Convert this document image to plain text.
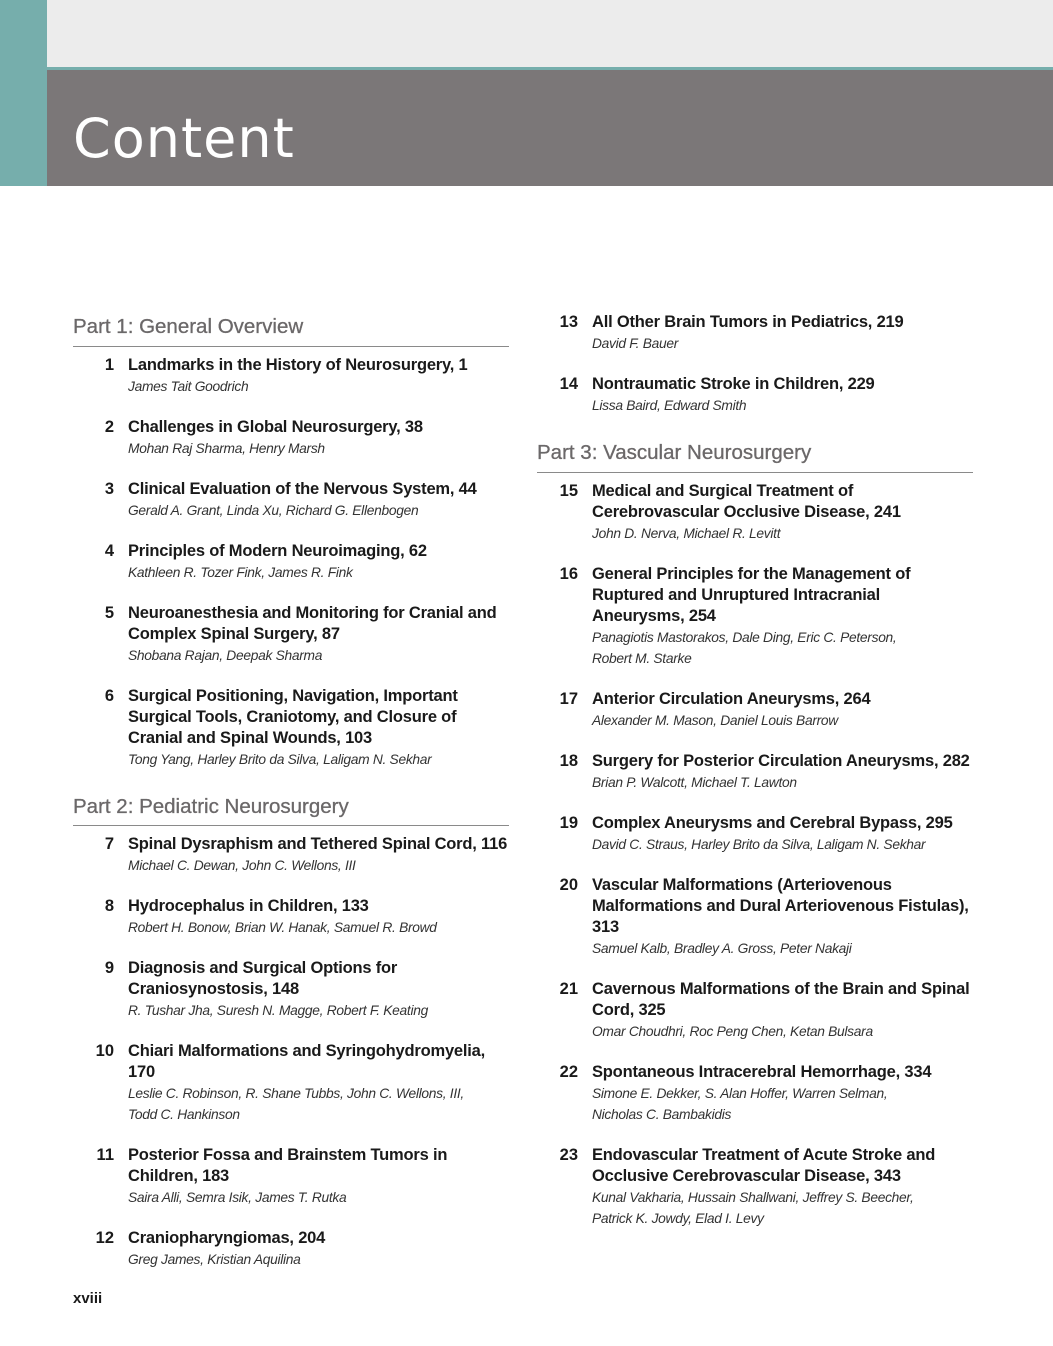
Content
Part 1: General Overview
1 Landmarks in the History of Neurosurgery, 1
James Tait Goodrich
2 Challenges in Global Neurosurgery, 38
Mohan Raj Sharma, Henry Marsh
3 Clinical Evaluation of the Nervous System, 44
Gerald A. Grant, Linda Xu, Richard G. Ellenbogen
4 Principles of Modern Neuroimaging, 62
Kathleen R. Tozer Fink, James R. Fink
5 Neuroanesthesia and Monitoring for Cranial and Complex Spinal Surgery, 87
Shobana Rajan, Deepak Sharma
6 Surgical Positioning, Navigation, Important Surgical Tools, Craniotomy, and Closure of Cranial and Spinal Wounds, 103
Tong Yang, Harley Brito da Silva, Laligam N. Sekhar
Part 2: Pediatric Neurosurgery
7 Spinal Dysraphism and Tethered Spinal Cord, 116
Michael C. Dewan, John C. Wellons, III
8 Hydrocephalus in Children, 133
Robert H. Bonow, Brian W. Hanak, Samuel R. Browd
9 Diagnosis and Surgical Options for Craniosynostosis, 148
R. Tushar Jha, Suresh N. Magge, Robert F. Keating
10 Chiari Malformations and Syringohydromyelia, 170
Leslie C. Robinson, R. Shane Tubbs, John C. Wellons, III,
Todd C. Hankinson
11 Posterior Fossa and Brainstem Tumors in Children, 183
Saira Alli, Semra Isik, James T. Rutka
12 Craniopharyngiomas, 204
Greg James, Kristian Aquilina
13 All Other Brain Tumors in Pediatrics, 219
David F. Bauer
14 Nontraumatic Stroke in Children, 229
Lissa Baird, Edward Smith
Part 3: Vascular Neurosurgery
15 Medical and Surgical Treatment of Cerebrovascular Occlusive Disease, 241
John D. Nerva, Michael R. Levitt
16 General Principles for the Management of Ruptured and Unruptured Intracranial Aneurysms, 254
Panagiotis Mastorakos, Dale Ding, Eric C. Peterson,
Robert M. Starke
17 Anterior Circulation Aneurysms, 264
Alexander M. Mason, Daniel Louis Barrow
18 Surgery for Posterior Circulation Aneurysms, 282
Brian P. Walcott, Michael T. Lawton
19 Complex Aneurysms and Cerebral Bypass, 295
David C. Straus, Harley Brito da Silva, Laligam N. Sekhar
20 Vascular Malformations (Arteriovenous Malformations and Dural Arteriovenous Fistulas), 313
Samuel Kalb, Bradley A. Gross, Peter Nakaji
21 Cavernous Malformations of the Brain and Spinal Cord, 325
Omar Choudhri, Roc Peng Chen, Ketan Bulsara
22 Spontaneous Intracerebral Hemorrhage, 334
Simone E. Dekker, S. Alan Hoffer, Warren Selman,
Nicholas C. Bambakidis
23 Endovascular Treatment of Acute Stroke and Occlusive Cerebrovascular Disease, 343
Kunal Vakharia, Hussain Shallwani, Jeffrey S. Beecher,
Patrick K. Jowdy, Elad I. Levy
xviii
